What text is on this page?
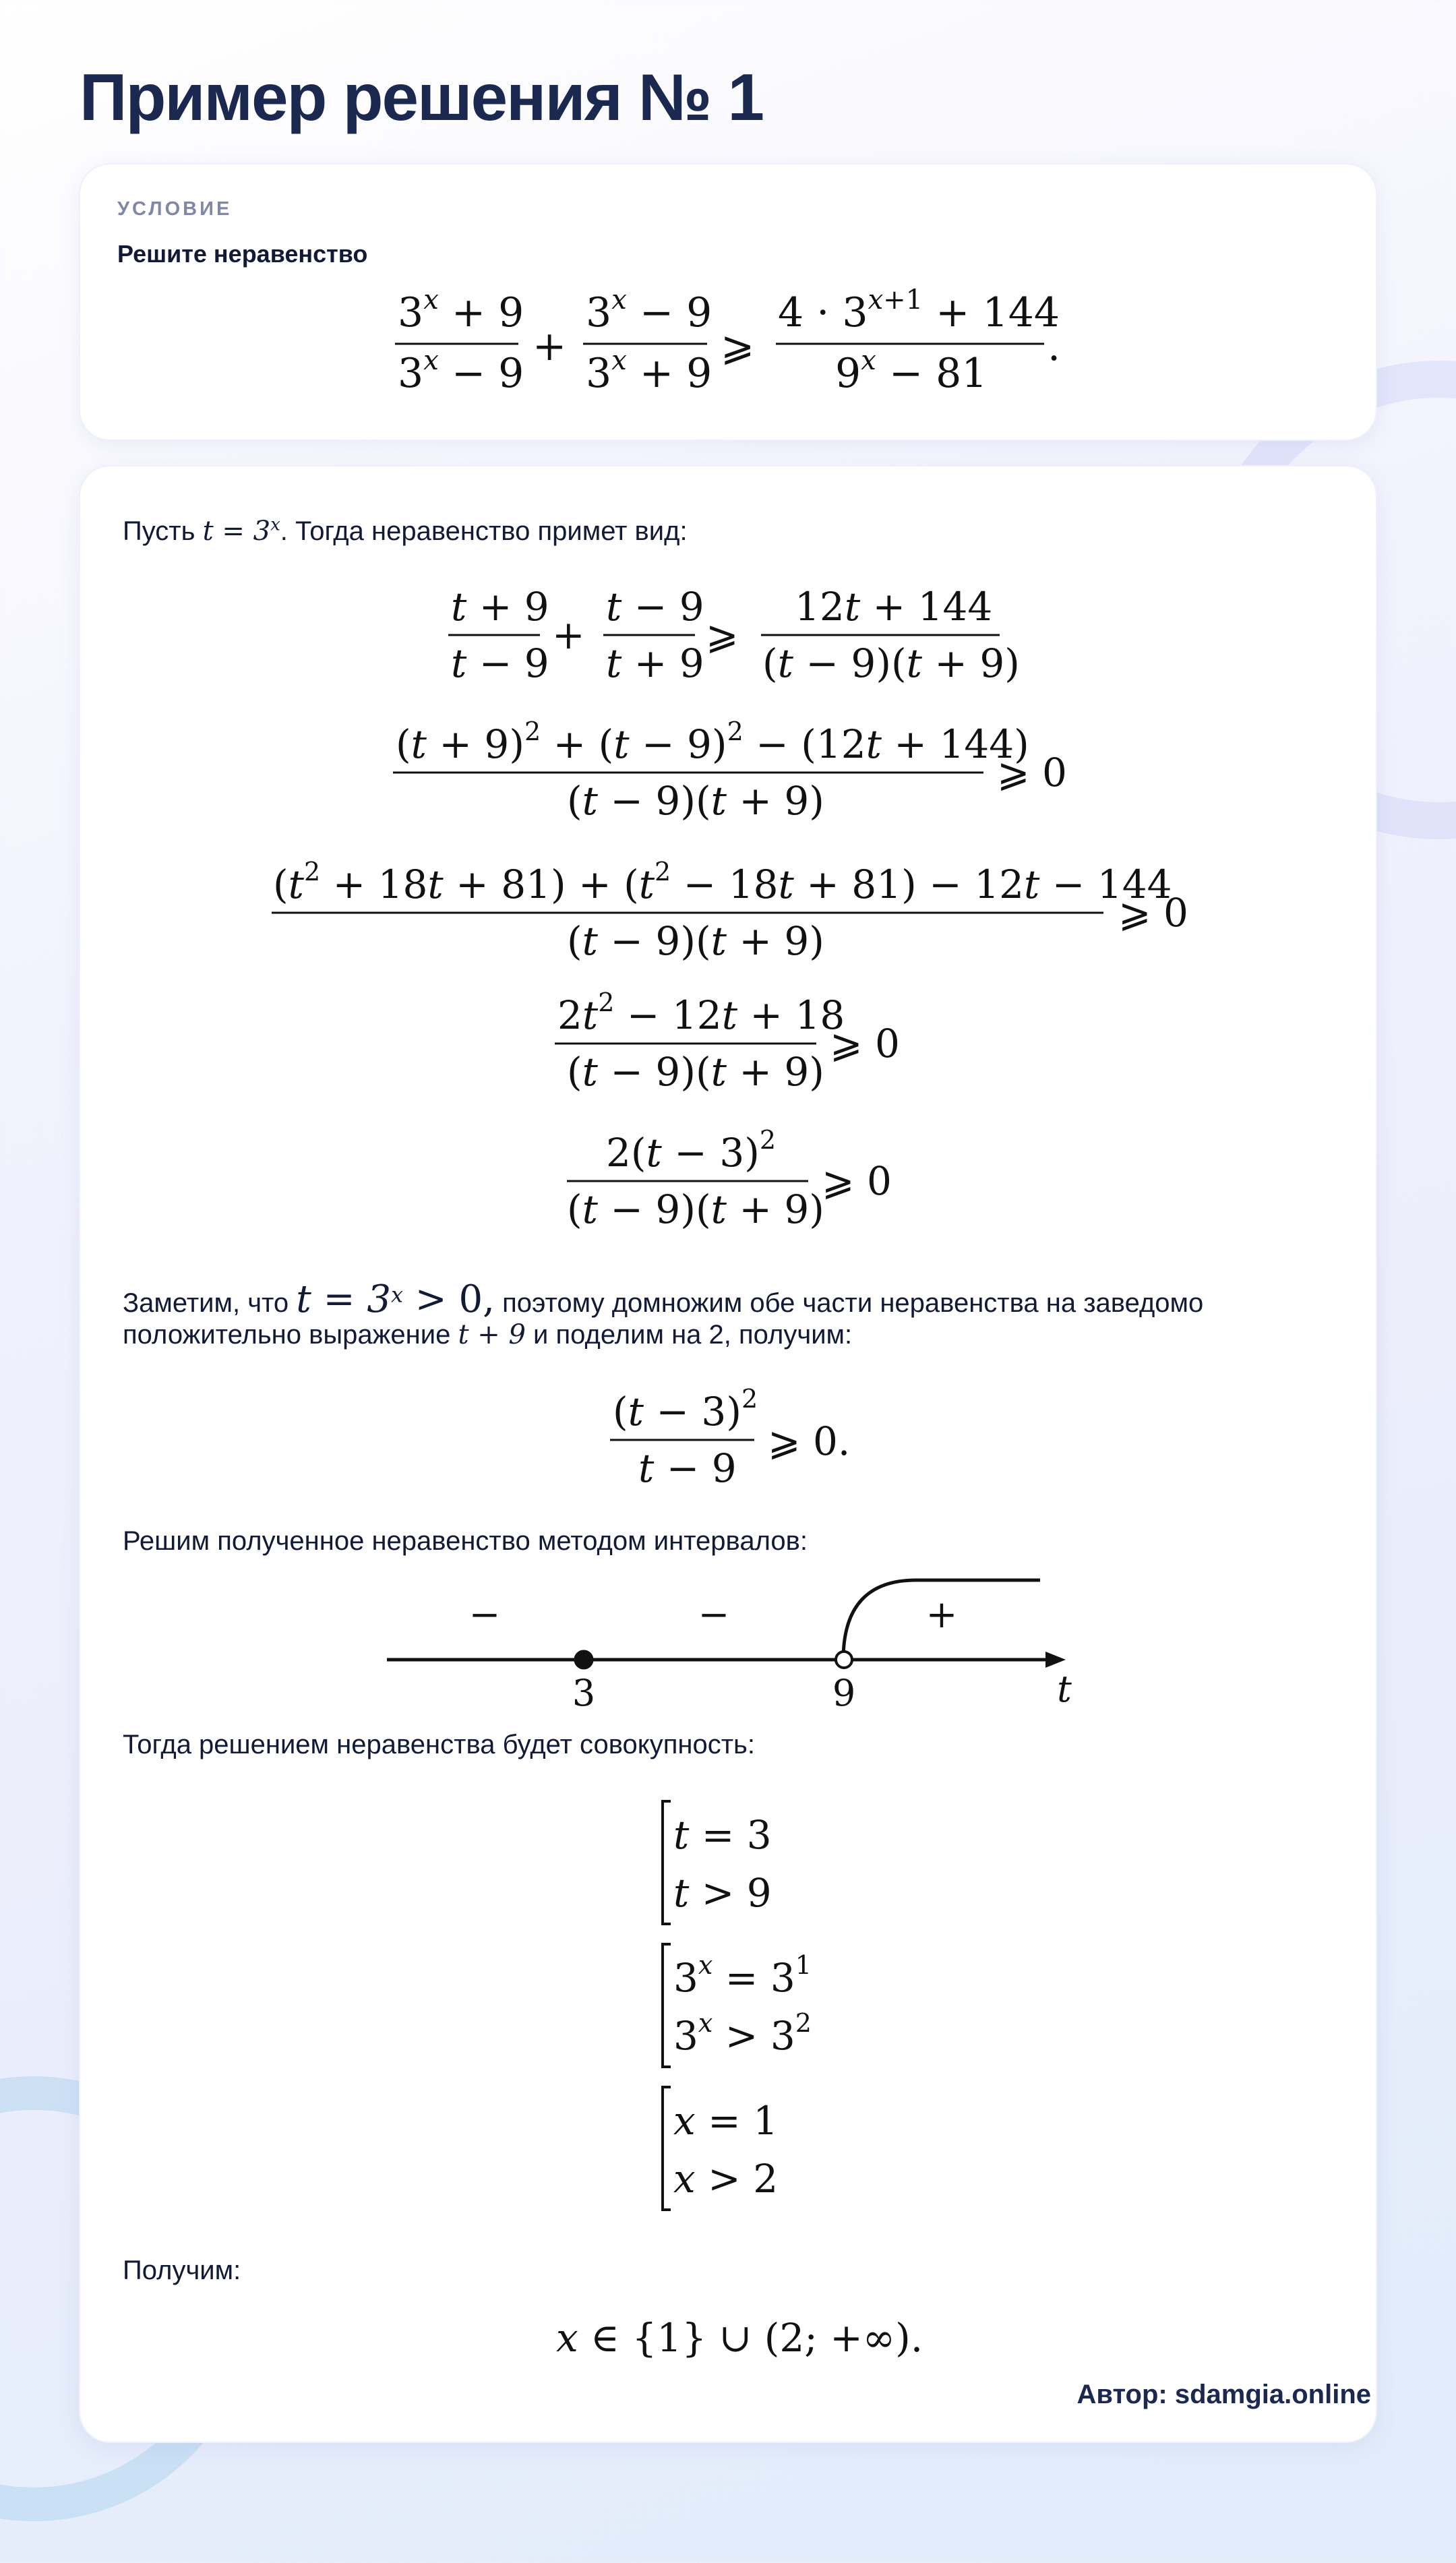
Пример решения № 1
УСЛОВИЕ
Решите неравенство
$3^x + 9$
$3^x - 9$
+
$3^x - 9$
$3^x + 9$
⩾
$4 \cdot 3^x+1 + 144$
$9^x - 81$
.
Пусть $t = 3^x$. Тогда неравенство примет вид:
t + 9
t − 9
+
t − 9
t + 9
⩾
12t + 144
(t − 9)(t + 9)
$(t + 9)^2 + (t - 9)^2 - (12t + 144)$
(t − 9)(t + 9)
⩾ 0
$(t^2 + 18t + 81) + (t^2 - 18t + 81) - 12t - 144$
(t − 9)(t + 9)
⩾ 0
$2t^2 - 12t + 18$
(t − 9)(t + 9)
⩾ 0
$2(t - 3)^2$
(t − 9)(t + 9)
⩾ 0
$(t - 3)^2$
t − 9
⩾ 0.
t = 3
t > 9
$3^x = 3^1$
$3^x > 3^2$
x = 1
x > 2
x ∈ {1} ∪ (2; +∞).
Заметим, что $t = 3^x > 0$, поэтому домножим обе части неравенства на заведомо
положительно выражение t + 9 и поделим на 2, получим:
Решим полученное неравенство методом интервалов:
−	−	+
3	9	t
Тогда решением неравенства будет совокупность:
Получим:
Автор: sdamgia.online
